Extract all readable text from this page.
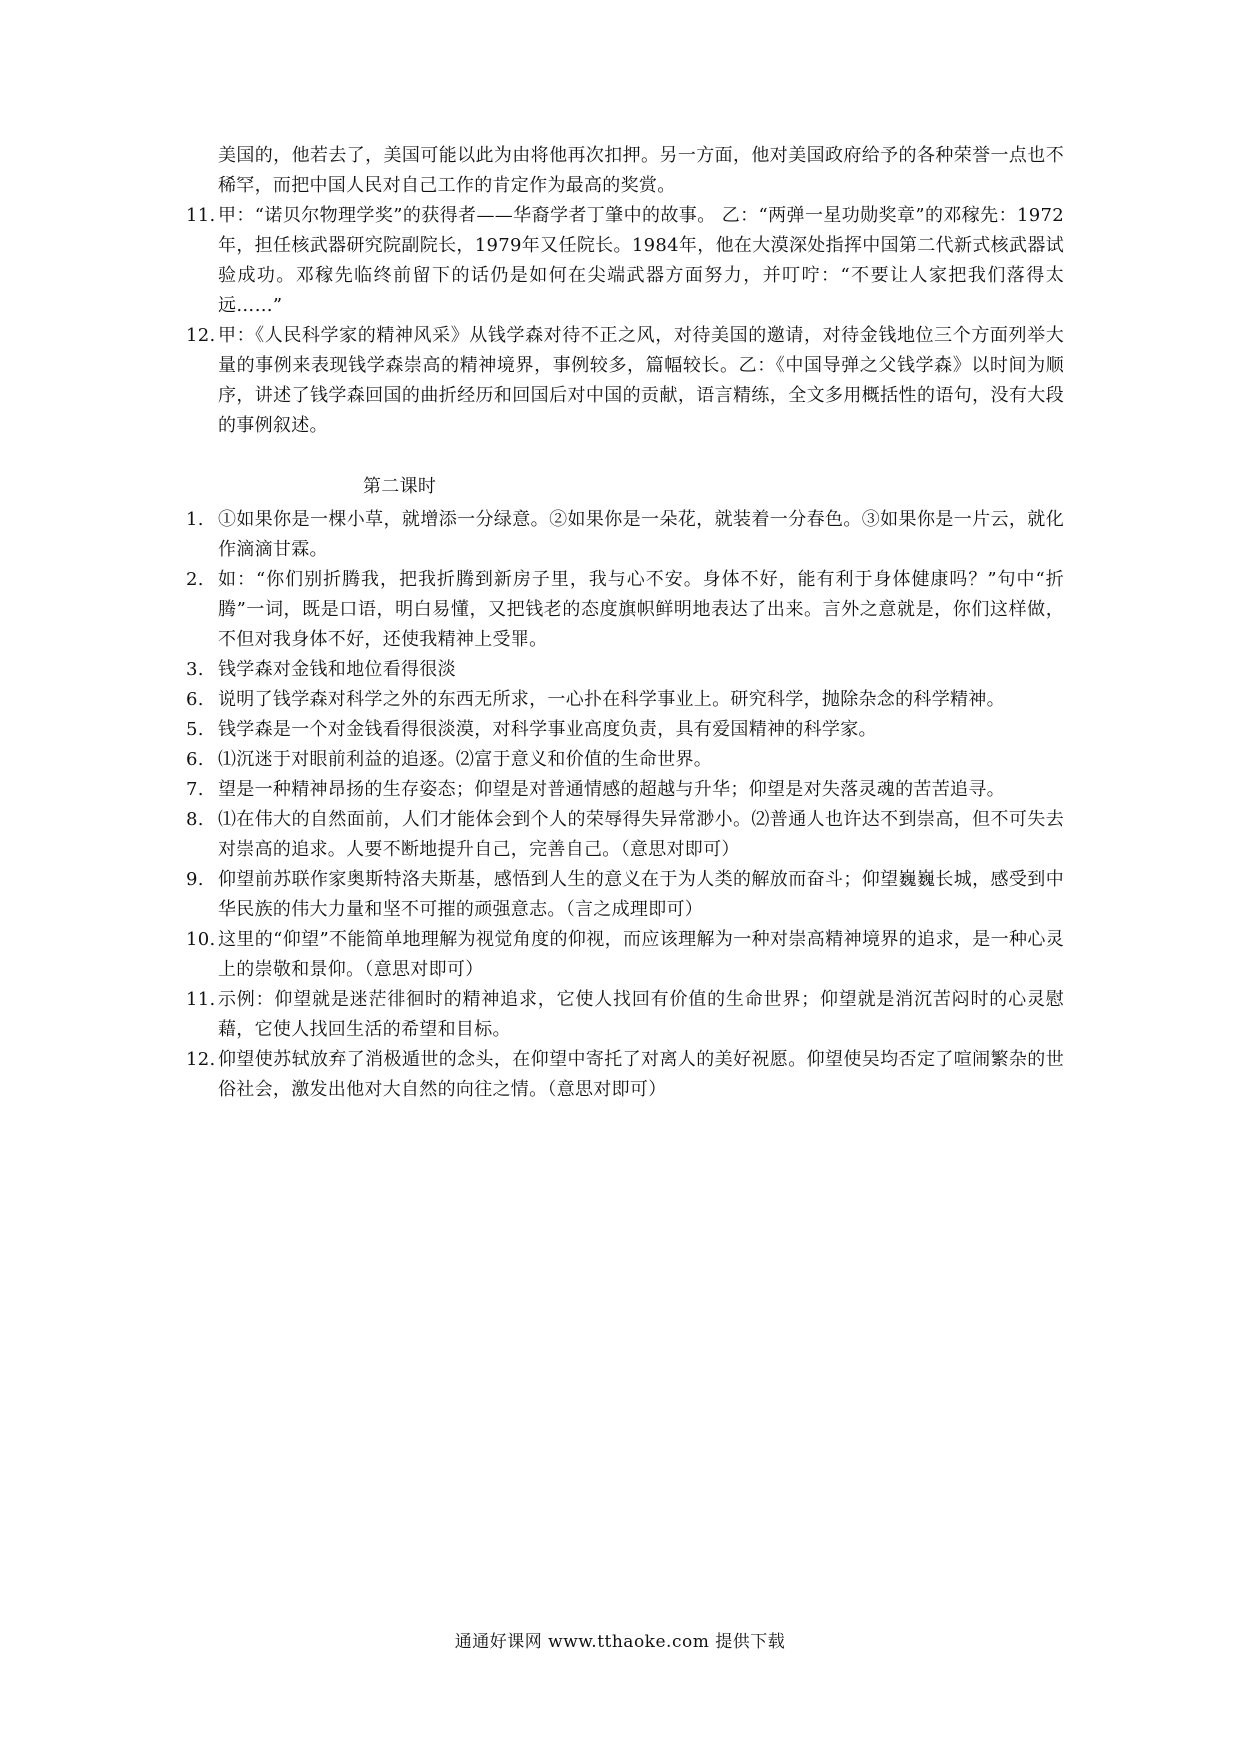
美国的，他若去了，美国可能以此为由将他再次扣押。另一方面，他对美国政府给予的各种荣誉一点也不稀罕，而把中国人民对自己工作的肯定作为最高的奖赏。

11. 甲：“诺贝尔物理学奖”的获得者——华裔学者丁肇中的故事。 乙：“两弹一星功勋奖章”的邓稼先：1972年，担任核武器研究院副院长，1979年又任院长。1984年，他在大漠深处指挥中国第二代新式核武器试验成功。邓稼先临终前留下的话仍是如何在尖端武器方面努力，并叮咛：“不要让人家把我们落得太远……”

12. 甲：《人民科学家的精神风采》从钱学森对待不正之风，对待美国的邀请，对待金钱地位三个方面列举大量的事例来表现钱学森崇高的精神境界，事例较多，篇幅较长。乙：《中国导弹之父钱学森》以时间为顺序，讲述了钱学森回国的曲折经历和回国后对中国的贡献，语言精练，全文多用概括性的语句，没有大段的事例叙述。

第二课时

1. ①如果你是一棵小草，就增添一分绿意。②如果你是一朵花，就装着一分春色。③如果你是一片云，就化作滴滴甘霖。

2. 如：“你们别折腾我，把我折腾到新房子里，我与心不安。身体不好，能有利于身体健康吗？”句中“折腾”一词，既是口语，明白易懂，又把钱老的态度旗帜鲜明地表达了出来。言外之意就是，你们这样做，不但对我身体不好，还使我精神上受罪。

3. 钱学森对金钱和地位看得很淡

6. 说明了钱学森对科学之外的东西无所求，一心扑在科学事业上。研究科学，抛除杂念的科学精神。

5. 钱学森是一个对金钱看得很淡漠，对科学事业高度负责，具有爱国精神的科学家。

6. ⑴沉迷于对眼前利益的追逐。⑵富于意义和价值的生命世界。

7. 望是一种精神昂扬的生存姿态；仰望是对普通情感的超越与升华；仰望是对失落灵魂的苦苦追寻。

8. ⑴在伟大的自然面前，人们才能体会到个人的荣辱得失异常渺小。⑵普通人也许达不到崇高，但不可失去对崇高的追求。人要不断地提升自己，完善自己。（意思对即可）

9. 仰望前苏联作家奥斯特洛夫斯基，感悟到人生的意义在于为人类的解放而奋斗；仰望巍巍长城，感受到中华民族的伟大力量和坚不可摧的顽强意志。（言之成理即可）

10. 这里的“仰望”不能简单地理解为视觉角度的仰视，而应该理解为一种对崇高精神境界的追求，是一种心灵上的崇敬和景仰。（意思对即可）

11. 示例：仰望就是迷茫徘徊时的精神追求，它使人找回有价值的生命世界；仰望就是消沉苦闷时的心灵慰藉，它使人找回生活的希望和目标。

12. 仰望使苏轼放弃了消极遁世的念头，在仰望中寄托了对离人的美好祝愿。仰望使吴均否定了喧闹繁杂的世俗社会，激发出他对大自然的向往之情。（意思对即可）

通通好课网 www.tthaoke.com 提供下载
